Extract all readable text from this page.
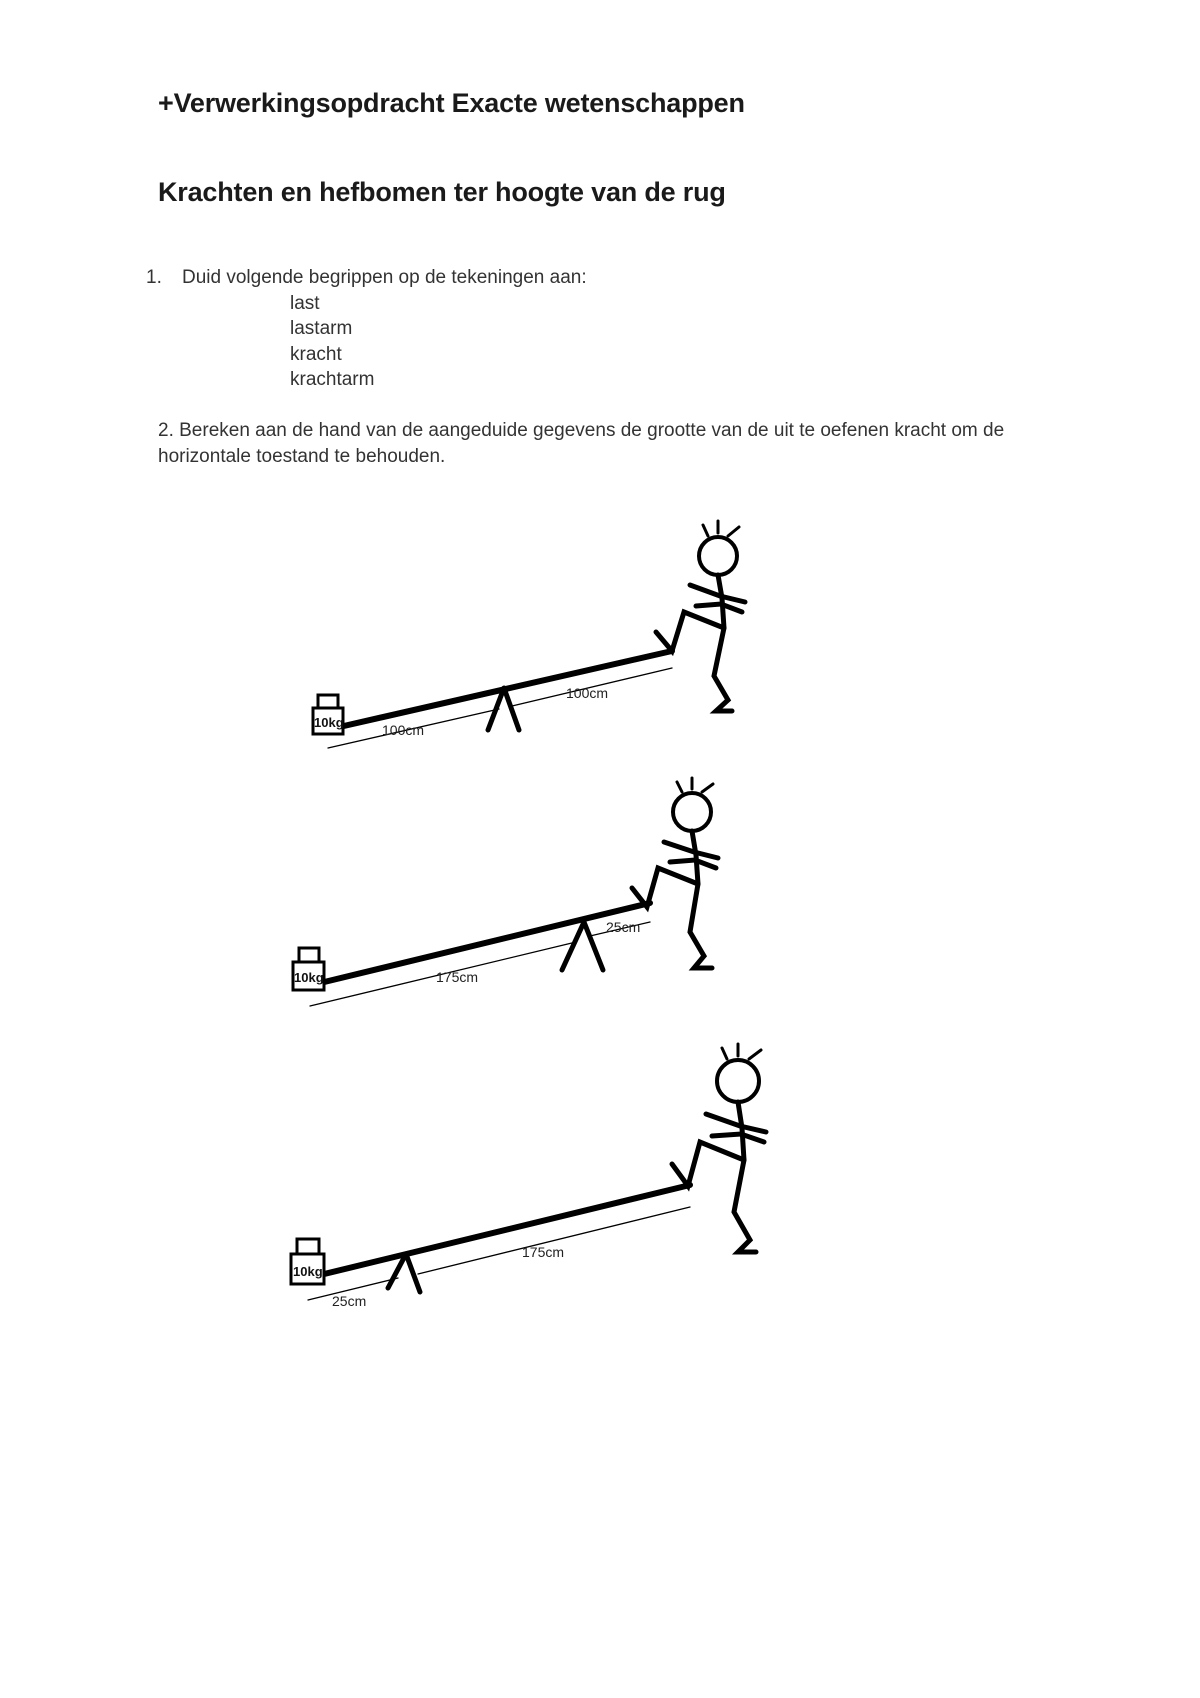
+Verwerkingsopdracht Exacte wetenschappen
Krachten en hefbomen ter hoogte van de rug
1. Duid volgende begrippen op de tekeningen aan:
last
lastarm
kracht
krachtarm

2. Bereken aan de hand van de aangeduide gegevens de grootte van de uit te oefenen kracht om de horizontale toestand te behouden.

10kg	100cm
100cm
10kg	175cm
25cm
10kg
25cm
175cm
